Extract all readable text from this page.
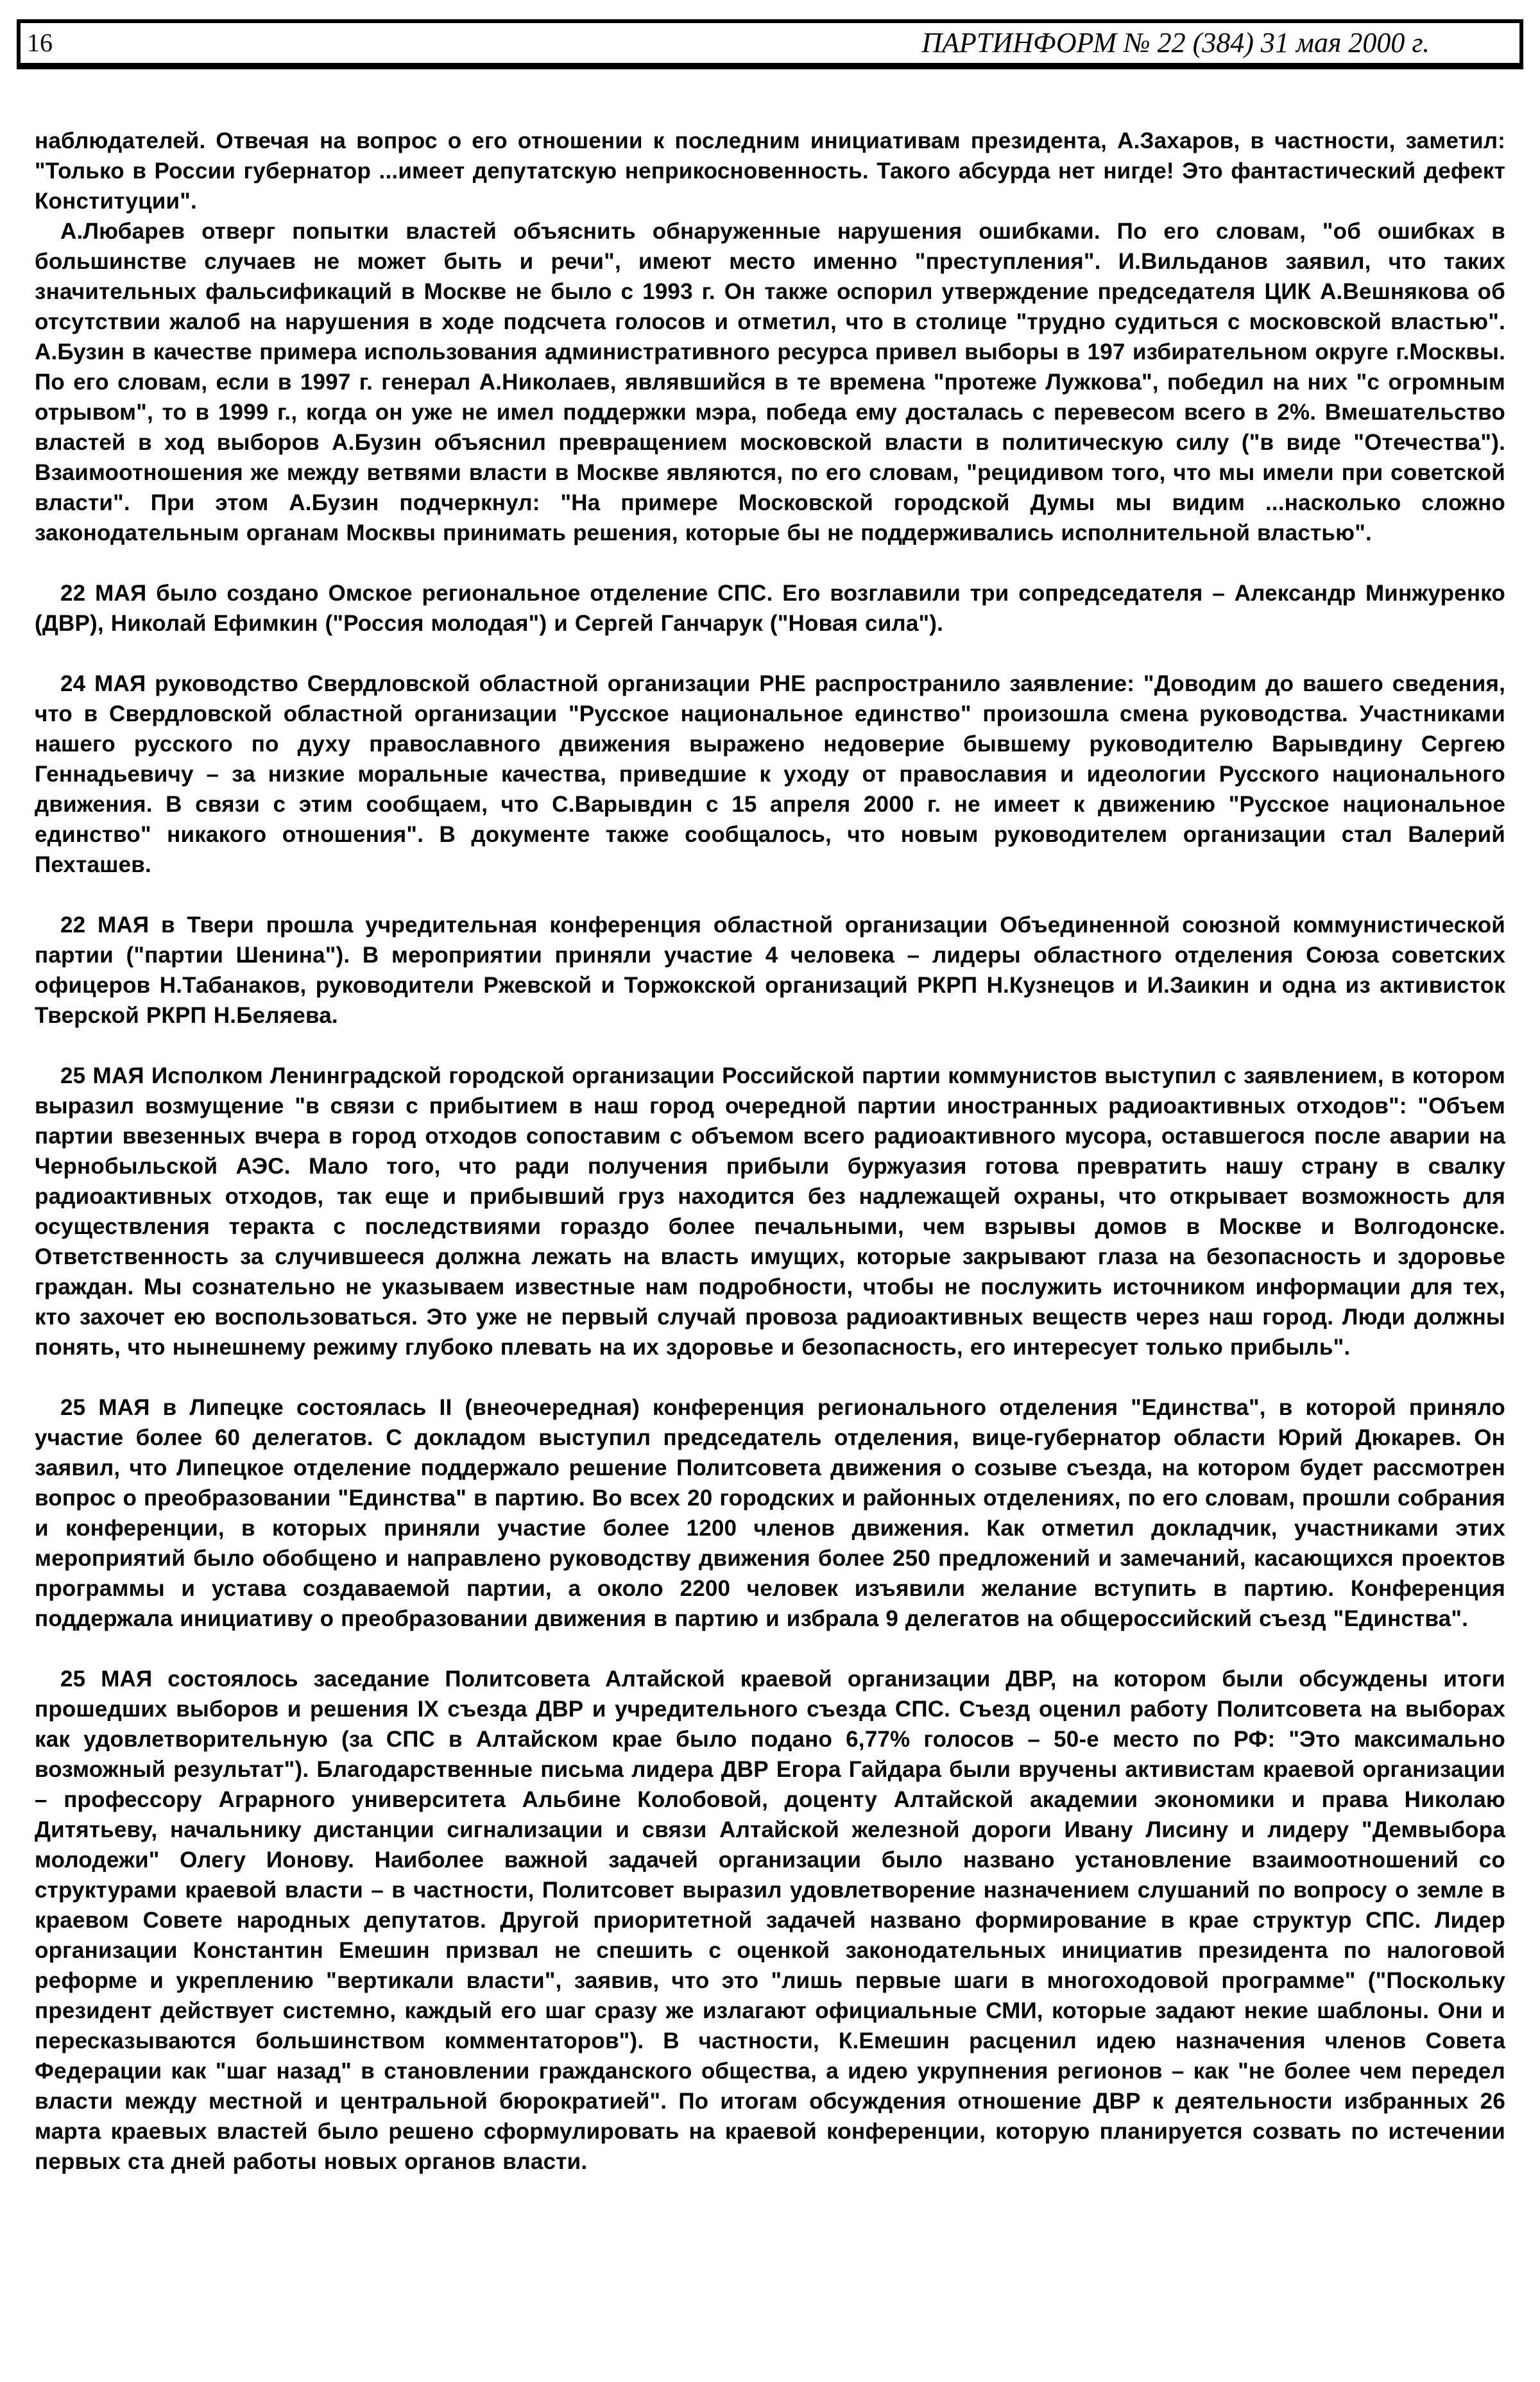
16	ПАРТИНФОРМ № 22 (384) 31 мая 2000 г.

наблюдателей. Отвечая на вопрос о его отношении к последним инициативам президента, А.Захаров, в частности, заметил: "Только в России губернатор ...имеет депутатскую неприкосновенность. Такого абсурда нет нигде! Это фантастический дефект Конституции".

А.Любарев отверг попытки властей объяснить обнаруженные нарушения ошибками. По его словам, "об ошибках в большинстве случаев не может быть и речи", имеют место именно "преступления". И.Вильданов заявил, что таких значительных фальсификаций в Москве не было с 1993 г. Он также оспорил утверждение председателя ЦИК А.Вешнякова об отсутствии жалоб на нарушения в ходе подсчета голосов и отметил, что в столице "трудно судиться с московской властью". А.Бузин в качестве примера использования административного ресурса привел выборы в 197 избирательном округе г.Москвы. По его словам, если в 1997 г. генерал А.Николаев, являвшийся в те времена "протеже Лужкова", победил на них "с огромным отрывом", то в 1999 г., когда он уже не имел поддержки мэра, победа ему досталась с перевесом всего в 2%. Вмешательство властей в ход выборов А.Бузин объяснил превращением московской власти в политическую силу ("в виде "Отечества"). Взаимоотношения же между ветвями власти в Москве являются, по его словам, "рецидивом того, что мы имели при советской власти". При этом А.Бузин подчеркнул: "На примере Московской городской Думы мы видим ...насколько сложно законодательным органам Москвы принимать решения, которые бы не поддерживались исполнительной властью".

22 МАЯ было создано Омское региональное отделение СПС. Его возглавили три сопредседателя – Александр Минжуренко (ДВР), Николай Ефимкин ("Россия молодая") и Сергей Ганчарук ("Новая сила").

24 МАЯ руководство Свердловской областной организации РНЕ распространило заявление: "Доводим до вашего сведения, что в Свердловской областной организации "Русское национальное единство" произошла смена руководства. Участниками нашего русского по духу православного движения выражено недоверие бывшему руководителю Варывдину Сергею Геннадьевичу – за низкие моральные качества, приведшие к уходу от православия и идеологии Русского национального движения. В связи с этим сообщаем, что С.Варывдин с 15 апреля 2000 г. не имеет к движению "Русское национальное единство" никакого отношения". В документе также сообщалось, что новым руководителем организации стал Валерий Пехташев.

22 МАЯ в Твери прошла учредительная конференция областной организации Объединенной союзной коммунистической партии ("партии Шенина"). В мероприятии приняли участие 4 человека – лидеры областного отделения Союза советских офицеров Н.Табанаков, руководители Ржевской и Торжокской организаций РКРП Н.Кузнецов и И.Заикин и одна из активисток Тверской РКРП Н.Беляева.

25 МАЯ Исполком Ленинградской городской организации Российской партии коммунистов выступил с заявлением, в котором выразил возмущение "в связи с прибытием в наш город очередной партии иностранных радиоактивных отходов": "Объем партии ввезенных вчера в город отходов сопоставим с объемом всего радиоактивного мусора, оставшегося после аварии на Чернобыльской АЭС. Мало того, что ради получения прибыли буржуазия готова превратить нашу страну в свалку радиоактивных отходов, так еще и прибывший груз находится без надлежащей охраны, что открывает возможность для осуществления теракта с последствиями гораздо более печальными, чем взрывы домов в Москве и Волгодонске. Ответственность за случившееся должна лежать на власть имущих, которые закрывают глаза на безопасность и здоровье граждан. Мы сознательно не указываем известные нам подробности, чтобы не послужить источником информации для тех, кто захочет ею воспользоваться. Это уже не первый случай провоза радиоактивных веществ через наш город. Люди должны понять, что нынешнему режиму глубоко плевать на их здоровье и безопасность, его интересует только прибыль".

25 МАЯ в Липецке состоялась II (внеочередная) конференция регионального отделения "Единства", в которой приняло участие более 60 делегатов. С докладом выступил председатель отделения, вице-губернатор области Юрий Дюкарев. Он заявил, что Липецкое отделение поддержало решение Политсовета движения о созыве съезда, на котором будет рассмотрен вопрос о преобразовании "Единства" в партию. Во всех 20 городских и районных отделениях, по его словам, прошли собрания и конференции, в которых приняли участие более 1200 членов движения. Как отметил докладчик, участниками этих мероприятий было обобщено и направлено руководству движения более 250 предложений и замечаний, касающихся проектов программы и устава создаваемой партии, а около 2200 человек изъявили желание вступить в партию. Конференция поддержала инициативу о преобразовании движения в партию и избрала 9 делегатов на общероссийский съезд "Единства".

25 МАЯ состоялось заседание Политсовета Алтайской краевой организации ДВР, на котором были обсуждены итоги прошедших выборов и решения IX съезда ДВР и учредительного съезда СПС. Съезд оценил работу Политсовета на выборах как удовлетворительную (за СПС в Алтайском крае было подано 6,77% голосов – 50-е место по РФ: "Это максимально возможный результат"). Благодарственные письма лидера ДВР Егора Гайдара были вручены активистам краевой организации – профессору Аграрного университета Альбине Колобовой, доценту Алтайской академии экономики и права Николаю Дитятьеву, начальнику дистанции сигнализации и связи Алтайской железной дороги Ивану Лисину и лидеру "Демвыбора молодежи" Олегу Ионову. Наиболее важной задачей организации было названо установление взаимоотношений со структурами краевой власти – в частности, Политсовет выразил удовлетворение назначением слушаний по вопросу о земле в краевом Совете народных депутатов. Другой приоритетной задачей названо формирование в крае структур СПС. Лидер организации Константин Емешин призвал не спешить с оценкой законодательных инициатив президента по налоговой реформе и укреплению "вертикали власти", заявив, что это "лишь первые шаги в многоходовой программе" ("Поскольку президент действует системно, каждый его шаг сразу же излагают официальные СМИ, которые задают некие шаблоны. Они и пересказываются большинством комментаторов"). В частности, К.Емешин расценил идею назначения членов Совета Федерации как "шаг назад" в становлении гражданского общества, а идею укрупнения регионов – как "не более чем передел власти между местной и центральной бюрократией". По итогам обсуждения отношение ДВР к деятельности избранных 26 марта краевых властей было решено сформулировать на краевой конференции, которую планируется созвать по истечении первых ста дней работы новых органов власти.
